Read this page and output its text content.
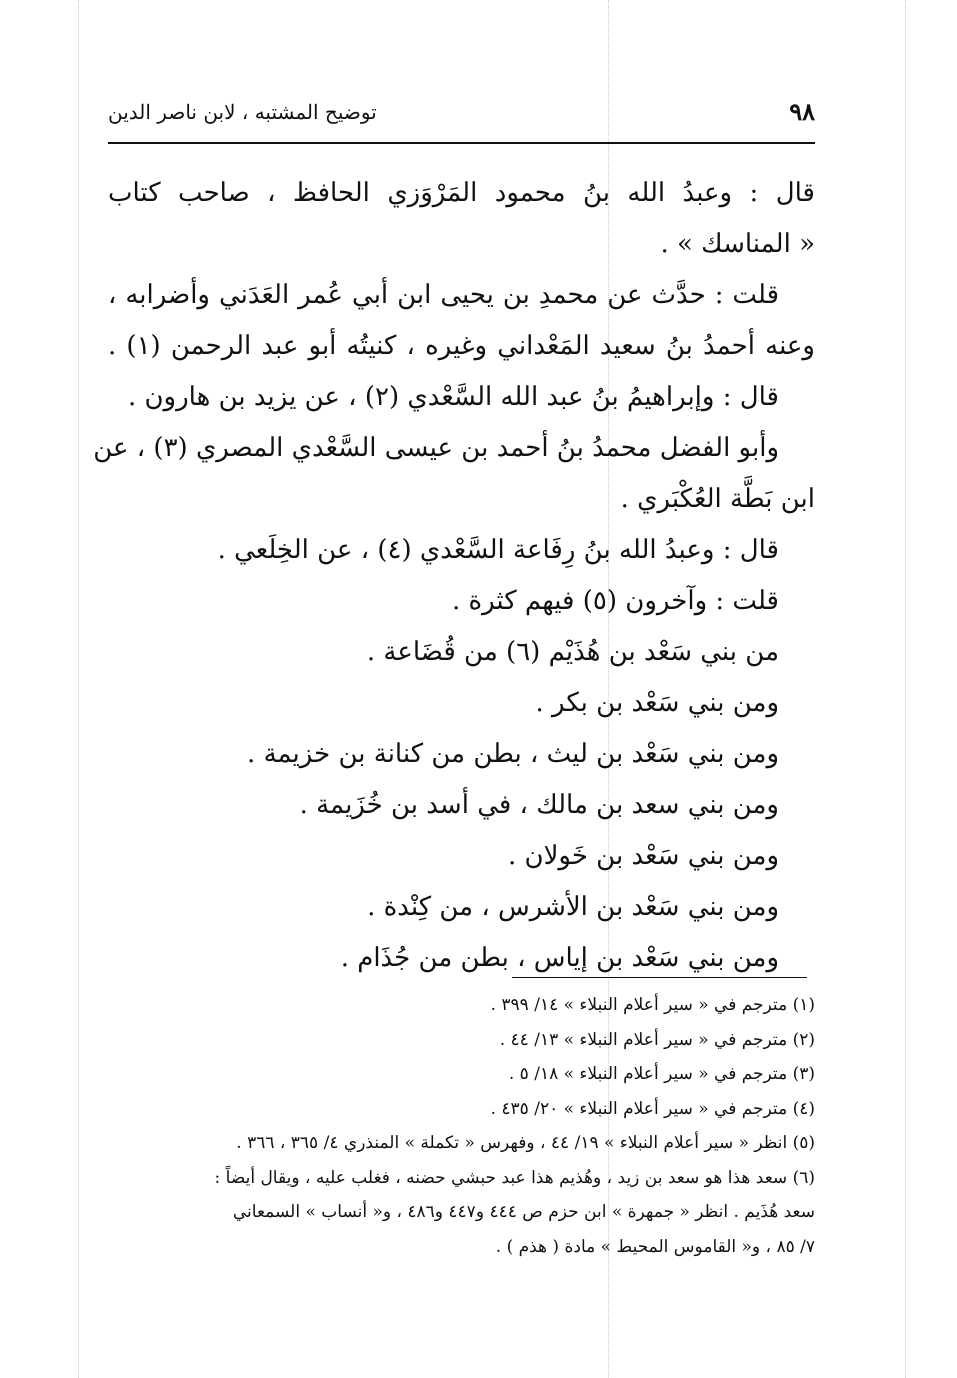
٩٨
توضيح المشتبه ، لابن ناصر الدين
قال : وعبدُ الله بنُ محمود المَرْوَزي الحافظ ، صاحب كتاب
« المناسك » .
قلت : حدَّث عن محمدِ بن يحيى ابن أبي عُمر العَدَني وأضرابه ،
وعنه أحمدُ بنُ سعيد المَعْداني وغيره ، كنيتُه أبو عبد الرحمن (١) .
قال : وإبراهيمُ بنُ عبد الله السَّعْدي (٢) ، عن يزيد بن هارون .
وأبو الفضل محمدُ بنُ أحمد بن عيسى السَّعْدي المصري (٣) ، عن
ابن بَطَّة العُكْبَري .
قال : وعبدُ الله بنُ رِفَاعة السَّعْدي (٤) ، عن الخِلَعي .
قلت : وآخرون (٥) فيهم كثرة .
من بني سَعْد بن هُذَيْم (٦) من قُضَاعة .
ومن بني سَعْد بن بكر .
ومن بني سَعْد بن ليث ، بطن من كنانة بن خزيمة .
ومن بني سعد بن مالك ، في أسد بن خُزَيمة .
ومن بني سَعْد بن خَولان .
ومن بني سَعْد بن الأشرس ، من كِنْدة .
ومن بني سَعْد بن إياس ، بطن من جُذَام .
(١) مترجم في « سير أعلام النبلاء » ١٤/ ٣٩٩ .
(٢) مترجم في « سير أعلام النبلاء » ١٣/ ٤٤ .
(٣) مترجم في « سير أعلام النبلاء » ١٨/ ٥ .
(٤) مترجم في « سير أعلام النبلاء » ٢٠/ ٤٣٥ .
(٥) انظر « سير أعلام النبلاء » ١٩/ ٤٤ ، وفهرس « تكملة » المنذري ٤/ ٣٦٥ ، ٣٦٦ .
(٦) سعد هذا هو سعد بن زيد ، وهُذيم هذا عبد حبشي حضنه ، فغلب عليه ، ويقال أيضاً :
سعد هُذَيم . انظر « جمهرة » ابن حزم ص ٤٤٤ و٤٤٧ و٤٨٦ ، و« أنساب » السمعاني
٧/ ٨٥ ، و« القاموس المحيط » مادة ( هذم ) .
